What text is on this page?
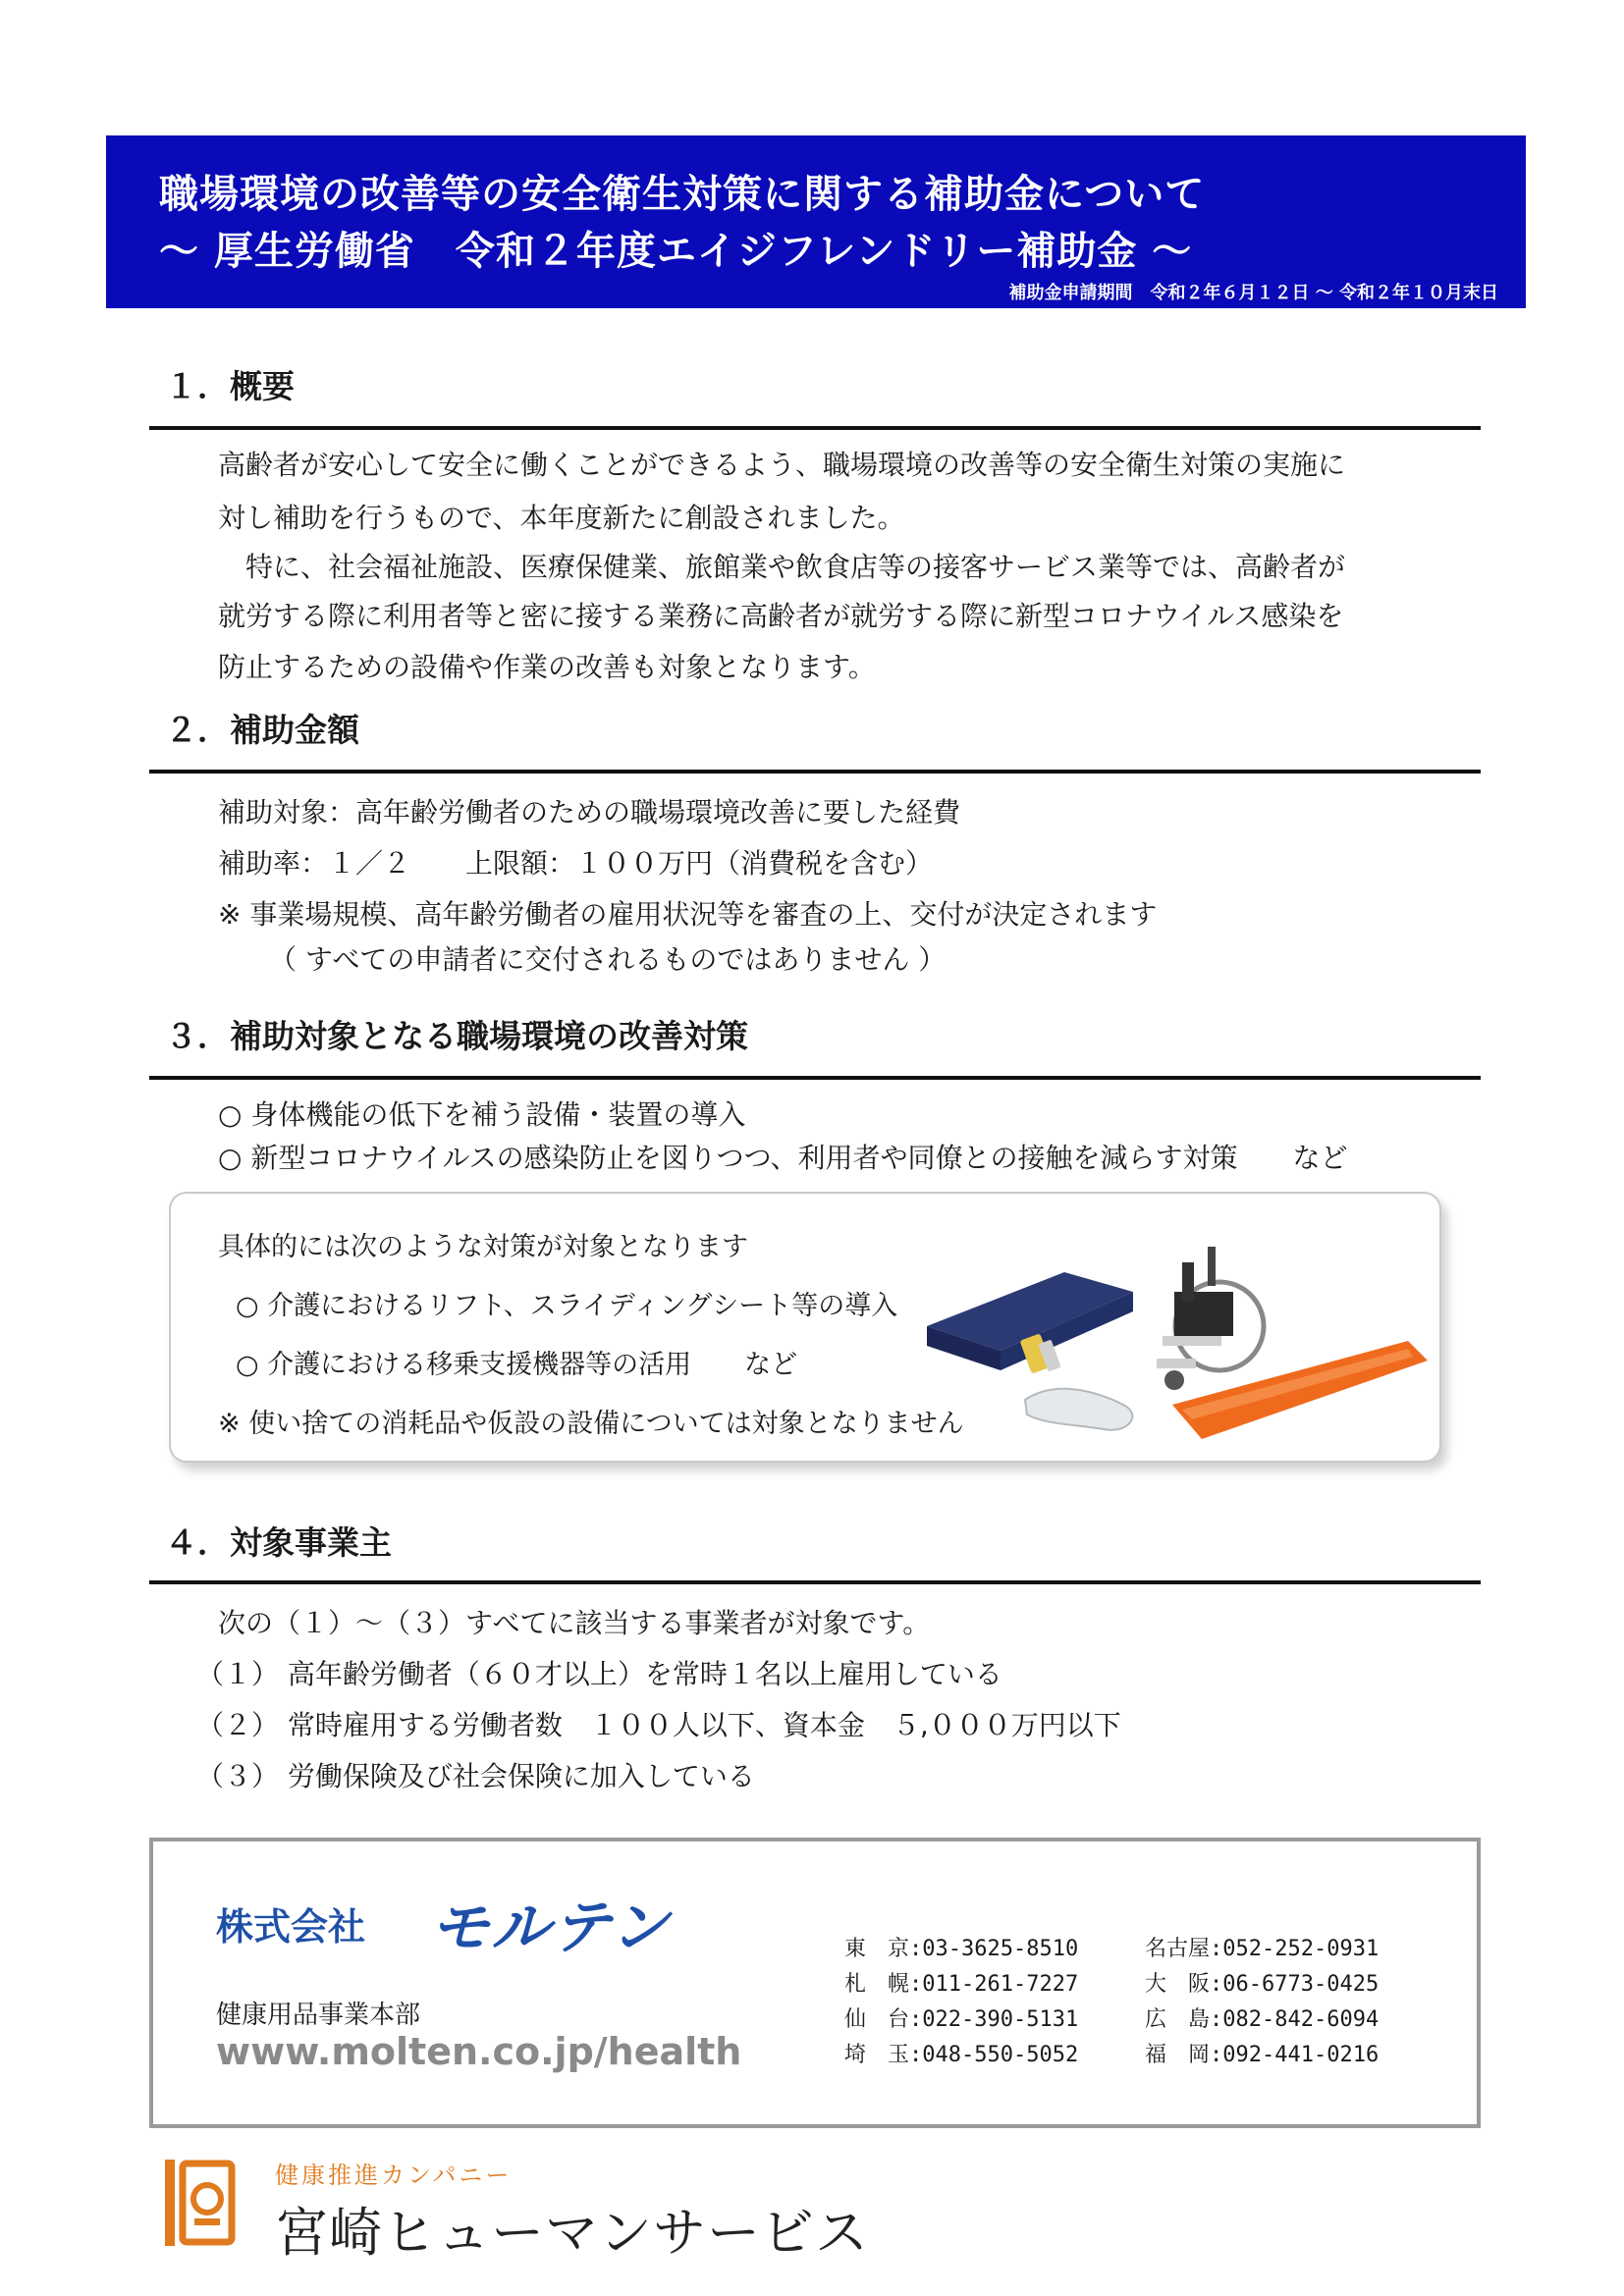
職場環境の改善等の安全衛生対策に関する補助金について
～ 厚生労働省　令和２年度エイジフレンドリー補助金 ～
補助金申請期間　令和２年６月１２日 ～ 令和２年１０月末日
１．概要
高齢者が安心して安全に働くことができるよう、職場環境の改善等の安全衛生対策の実施に
対し補助を行うもので、本年度新たに創設されました。
　特に、社会福祉施設、医療保健業、旅館業や飲食店等の接客サービス業等では、高齢者が
就労する際に利用者等と密に接する業務に高齢者が就労する際に新型コロナウイルス感染を
防止するための設備や作業の改善も対象となります。
２．補助金額
補助対象：高年齢労働者のための職場環境改善に要した経費
補助率：１／２　　上限額：１００万円（消費税を含む）
※ 事業場規模、高年齢労働者の雇用状況等を審査の上、交付が決定されます
（ すべての申請者に交付されるものではありません ）
３．補助対象となる職場環境の改善対策
○ 身体機能の低下を補う設備・装置の導入
○ 新型コロナウイルスの感染防止を図りつつ、利用者や同僚との接触を減らす対策　　など
具体的には次のような対策が対象となります
○ 介護におけるリフト、スライディングシート等の導入
○ 介護における移乗支援機器等の活用　　など
※ 使い捨ての消耗品や仮設の設備については対象となりません
４．対象事業主
次の（１）～（３）すべてに該当する事業者が対象です。
（１） 高年齢労働者（６０才以上）を常時１名以上雇用している
（２） 常時雇用する労働者数　１００人以下、資本金　５,０００万円以下
（３） 労働保険及び社会保険に加入している
株式会社 モルテン
健康用品事業本部
www.molten.co.jp/health
東　京:03-3625-8510	名古屋:052-252-0931
札　幌:011-261-7227	大　阪:06-6773-0425
仙　台:022-390-5131	広　島:082-842-6094
埼　玉:048-550-5052	福　岡:092-441-0216
健康推進カンパニー
宮崎ヒューマンサービス
